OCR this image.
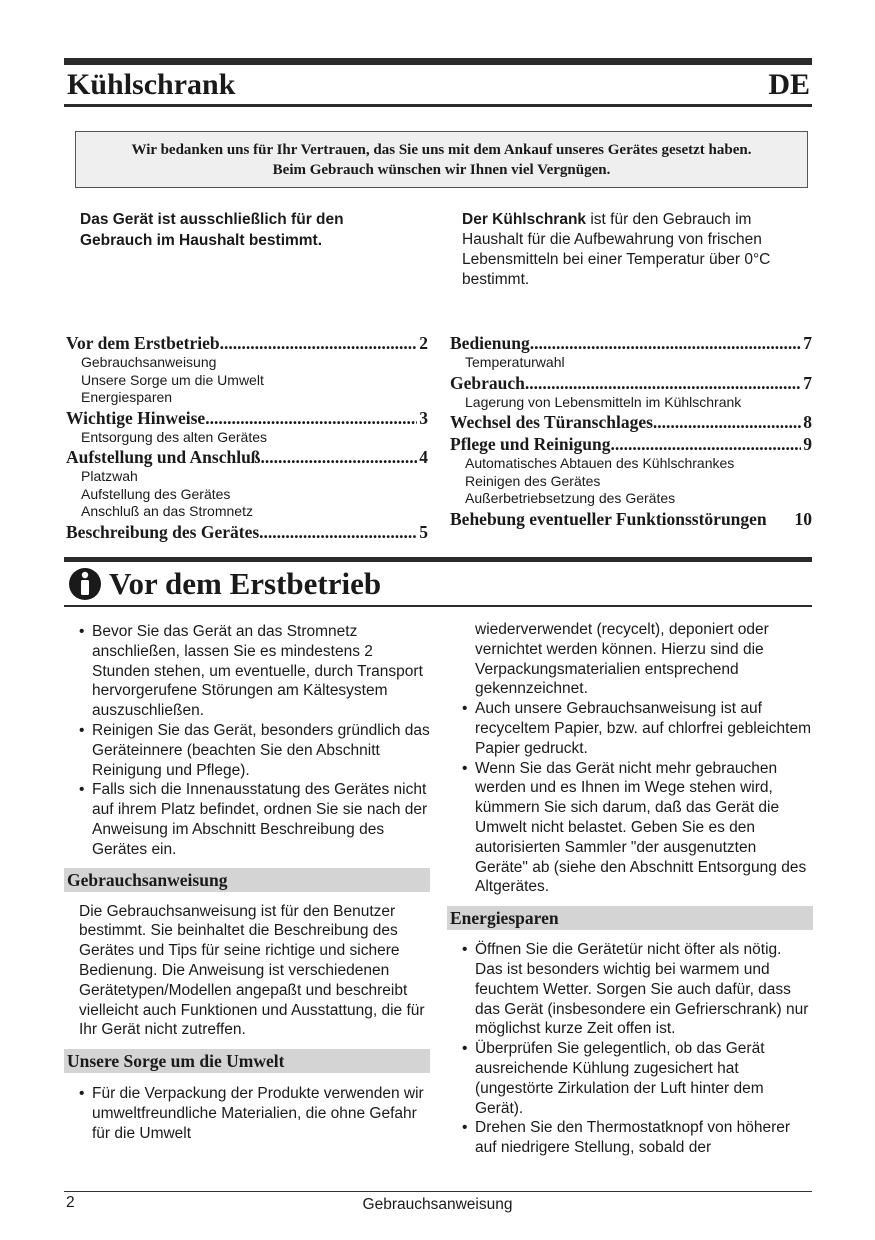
Kühlschrank	DE
Wir bedanken uns für Ihr Vertrauen, das Sie uns mit dem Ankauf unseres Gerätes gesetzt haben.
Beim Gebrauch wünschen wir Ihnen viel Vergnügen.
Das Gerät ist ausschließlich für den Gebrauch im Haushalt bestimmt.
Der Kühlschrank ist für den Gebrauch im Haushalt für die Aufbewahrung von frischen Lebensmitteln bei einer Temperatur über 0°C bestimmt.
Vor dem Erstbetrieb .....	2
Gebrauchsanweisung
Unsere Sorge um die Umwelt
Energiesparen
Wichtige Hinweise .....	3
Entsorgung des alten Gerätes
Aufstellung und Anschluß .....	4
Platzwah
Aufstellung des Gerätes
Anschluß an das Stromnetz
Beschreibung des Gerätes .....	5
Bedienung .....	7
Temperaturwahl
Gebrauch .....	7
Lagerung von Lebensmitteln im Kühlschrank
Wechsel des Türanschlages .....	8
Pflege und Reinigung .....	9
Automatisches Abtauen des Kühlschrankes
Reinigen des Gerätes
Außerbetriebsetzung des Gerätes
Behebung eventueller Funktionsstörungen 10
Vor dem Erstbetrieb
• Bevor Sie das Gerät an das Stromnetz anschließen, lassen Sie es mindestens 2 Stunden stehen, um eventuelle, durch Transport hervorgerufene Störungen am Kältesystem auszuschließen.
• Reinigen Sie das Gerät, besonders gründlich das Geräteinnere (beachten Sie den Abschnitt Reinigung und Pflege).
• Falls sich die Innenausstatung des Gerätes nicht auf ihrem Platz befindet, ordnen Sie sie nach der Anweisung im Abschnitt Beschreibung des Gerätes ein.
Gebrauchsanweisung
Die Gebrauchsanweisung ist für den Benutzer bestimmt. Sie beinhaltet die Beschreibung des Gerätes und Tips für seine richtige und sichere Bedienung. Die Anweisung ist verschiedenen Gerätetypen/Modellen angepaßt und beschreibt vielleicht auch Funktionen und Ausstattung, die für Ihr Gerät nicht zutreffen.
Unsere Sorge um die Umwelt
• Für die Verpackung der Produkte verwenden wir umweltfreundliche Materialien, die ohne Gefahr für die Umwelt
wiederverwendet (recycelt), deponiert oder vernichtet werden können. Hierzu sind die Verpackungsmaterialien entsprechend gekennzeichnet.
• Auch unsere Gebrauchsanweisung ist auf recyceltem Papier, bzw. auf chlorfrei gebleichtem Papier gedruckt.
• Wenn Sie das Gerät nicht mehr gebrauchen werden und es Ihnen im Wege stehen wird, kümmern Sie sich darum, daß das Gerät die Umwelt nicht belastet. Geben Sie es den autorisierten Sammler "der ausgenutzten Geräte" ab (siehe den Abschnitt Entsorgung des Altgerätes.
Energiesparen
• Öffnen Sie die Gerätetür nicht öfter als nötig. Das ist besonders wichtig bei warmem und feuchtem Wetter. Sorgen Sie auch dafür, dass das Gerät (insbesondere ein Gefrierschrank) nur möglichst kurze Zeit offen ist.
• Überprüfen Sie gelegentlich, ob das Gerät ausreichende Kühlung zugesichert hat (ungestörte Zirkulation der Luft hinter dem Gerät).
• Drehen Sie den Thermostatknopf von höherer auf niedrigere Stellung, sobald der
2	Gebrauchsanweisung
